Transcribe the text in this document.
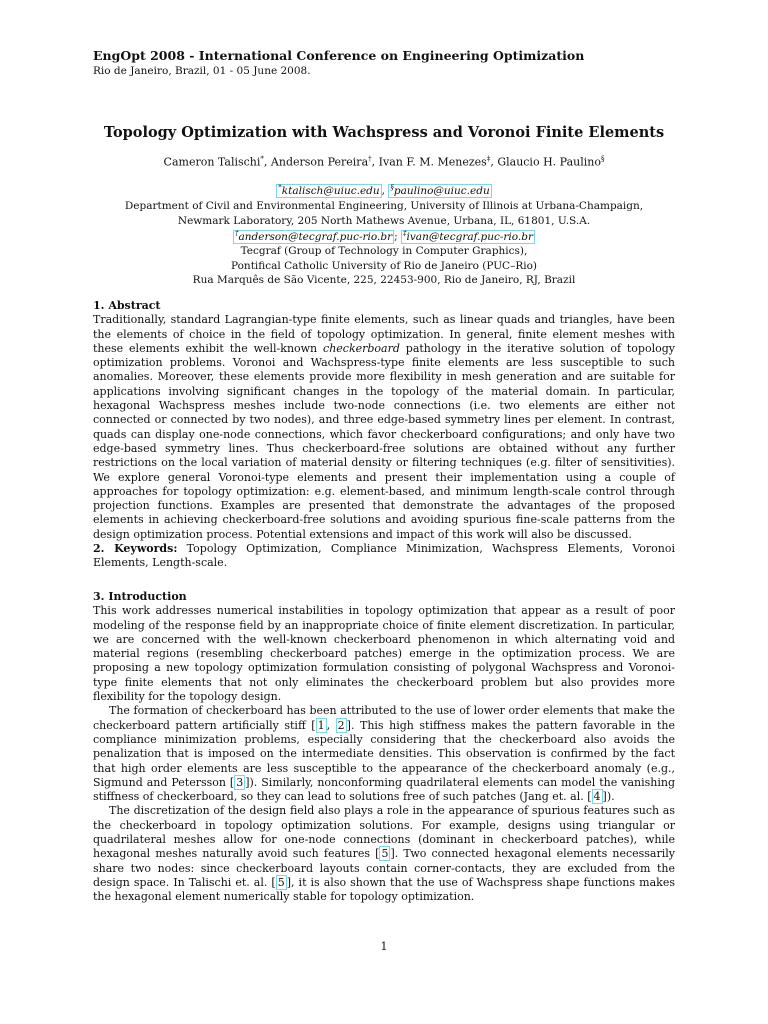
EngOpt 2008 - International Conference on Engineering Optimization
Rio de Janeiro, Brazil, 01 - 05 June 2008.
Topology Optimization with Wachspress and Voronoi Finite Elements
Cameron Talischi*, Anderson Pereira†, Ivan F. M. Menezes‡, Glaucio H. Paulino§
*ktalisch@uiuc.edu , §paulino@uiuc.edu
Department of Civil and Environmental Engineering, University of Illinois at Urbana-Champaign,
Newmark Laboratory, 205 North Mathews Avenue, Urbana, IL, 61801, U.S.A.
†anderson@tecgraf.puc-rio.br ; ‡ivan@tecgraf.puc-rio.br
Tecgraf (Group of Technology in Computer Graphics),
Pontifical Catholic University of Rio de Janeiro (PUC–Rio)
Rua Marquês de São Vicente, 225, 22453-900, Rio de Janeiro, RJ, Brazil
1. Abstract
Traditionally, standard Lagrangian-type finite elements, such as linear quads and triangles, have been the elements of choice in the field of topology optimization. In general, finite element meshes with these elements exhibit the well-known checkerboard pathology in the iterative solution of topology optimization problems. Voronoi and Wachspress-type finite elements are less susceptible to such anomalies. Moreover, these elements provide more flexibility in mesh generation and are suitable for applications involving significant changes in the topology of the material domain. In particular, hexagonal Wachspress meshes include two-node connections (i.e. two elements are either not connected or connected by two nodes), and three edge-based symmetry lines per element. In contrast, quads can display one-node connections, which favor checkerboard configurations; and only have two edge-based symmetry lines. Thus checkerboard-free solutions are obtained without any further restrictions on the local variation of material density or filtering techniques (e.g. filter of sensitivities). We explore general Voronoi-type elements and present their implementation using a couple of approaches for topology optimization: e.g. element-based, and minimum length-scale control through projection functions. Examples are presented that demonstrate the advantages of the proposed elements in achieving checkerboard-free solutions and avoiding spurious fine-scale patterns from the design optimization process. Potential extensions and impact of this work will also be discussed.
2. Keywords: Topology Optimization, Compliance Minimization, Wachspress Elements, Voronoi Elements, Length-scale.
3. Introduction
This work addresses numerical instabilities in topology optimization that appear as a result of poor modeling of the response field by an inappropriate choice of finite element discretization. In particular, we are concerned with the well-known checkerboard phenomenon in which alternating void and material regions (resembling checkerboard patches) emerge in the optimization process. We are proposing a new topology optimization formulation consisting of polygonal Wachspress and Voronoi-type finite elements that not only eliminates the checkerboard problem but also provides more flexibility for the topology design.
The formation of checkerboard has been attributed to the use of lower order elements that make the checkerboard pattern artificially stiff [ 1 , 2 ]. This high stiffness makes the pattern favorable in the compliance minimization problems, especially considering that the checkerboard also avoids the penalization that is imposed on the intermediate densities. This observation is confirmed by the fact that high order elements are less susceptible to the appearance of the checkerboard anomaly (e.g., Sigmund and Petersson [ 3 ]). Similarly, nonconforming quadrilateral elements can model the vanishing stiffness of checkerboard, so they can lead to solutions free of such patches (Jang et. al. [ 4 ]).
The discretization of the design field also plays a role in the appearance of spurious features such as the checkerboard in topology optimization solutions. For example, designs using triangular or quadrilateral meshes allow for one-node connections (dominant in checkerboard patches), while hexagonal meshes naturally avoid such features [ 5 ]. Two connected hexagonal elements necessarily share two nodes: since checkerboard layouts contain corner-contacts, they are excluded from the design space. In Talischi et. al. [ 5 ], it is also shown that the use of Wachspress shape functions makes the hexagonal element numerically stable for topology optimization.
1
